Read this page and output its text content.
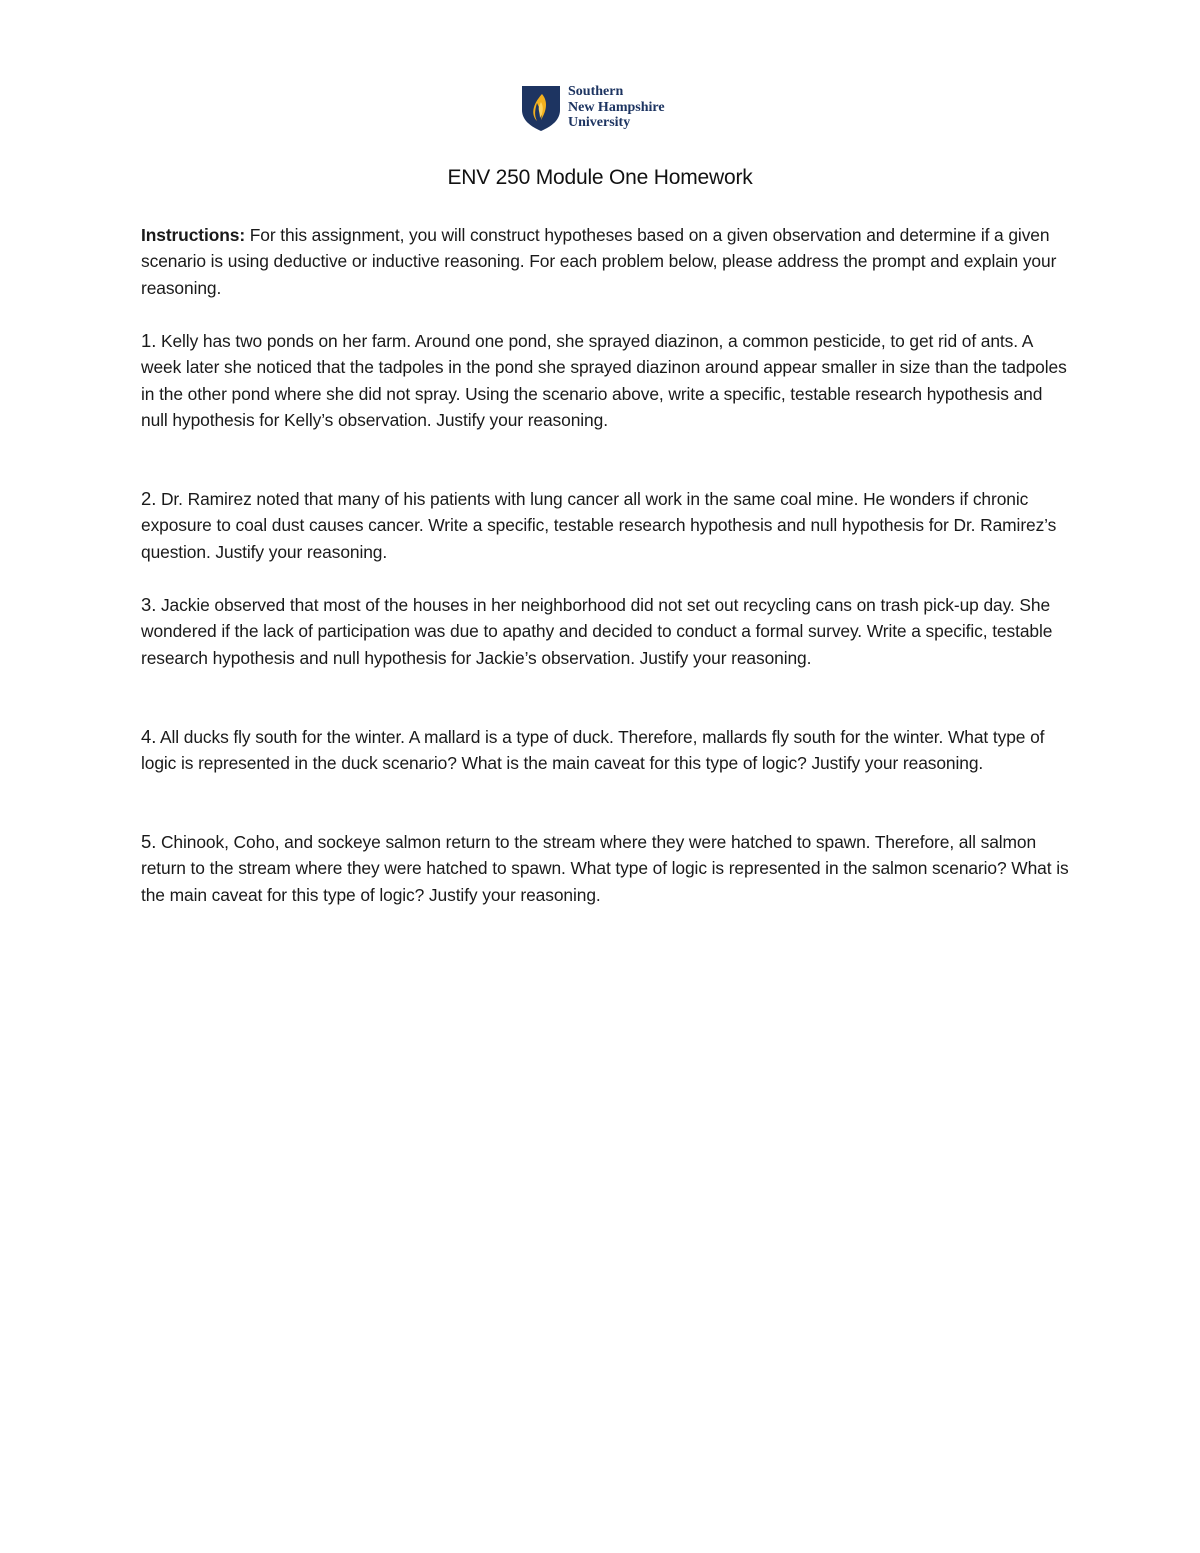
Southern
New Hampshire
University
ENV 250 Module One Homework

Instructions: For this assignment, you will construct hypotheses based on a given observation and determine if a given scenario is using deductive or inductive reasoning. For each problem below, please address the prompt and explain your reasoning.

1. Kelly has two ponds on her farm. Around one pond, she sprayed diazinon, a common pesticide, to get rid of ants. A week later she noticed that the tadpoles in the pond she sprayed diazinon around appear smaller in size than the tadpoles in the other pond where she did not spray. Using the scenario above, write a specific, testable research hypothesis and null hypothesis for Kelly’s observation. Justify your reasoning.

2. Dr. Ramirez noted that many of his patients with lung cancer all work in the same coal mine. He wonders if chronic exposure to coal dust causes cancer. Write a specific, testable research hypothesis and null hypothesis for Dr. Ramirez’s question. Justify your reasoning.

3. Jackie observed that most of the houses in her neighborhood did not set out recycling cans on trash pick-up day. She wondered if the lack of participation was due to apathy and decided to conduct a formal survey. Write a specific, testable research hypothesis and null hypothesis for Jackie’s observation. Justify your reasoning.

4. All ducks fly south for the winter. A mallard is a type of duck. Therefore, mallards fly south for the winter. What type of logic is represented in the duck scenario? What is the main caveat for this type of logic? Justify your reasoning.

5. Chinook, Coho, and sockeye salmon return to the stream where they were hatched to spawn. Therefore, all salmon return to the stream where they were hatched to spawn. What type of logic is represented in the salmon scenario? What is the main caveat for this type of logic? Justify your reasoning.
